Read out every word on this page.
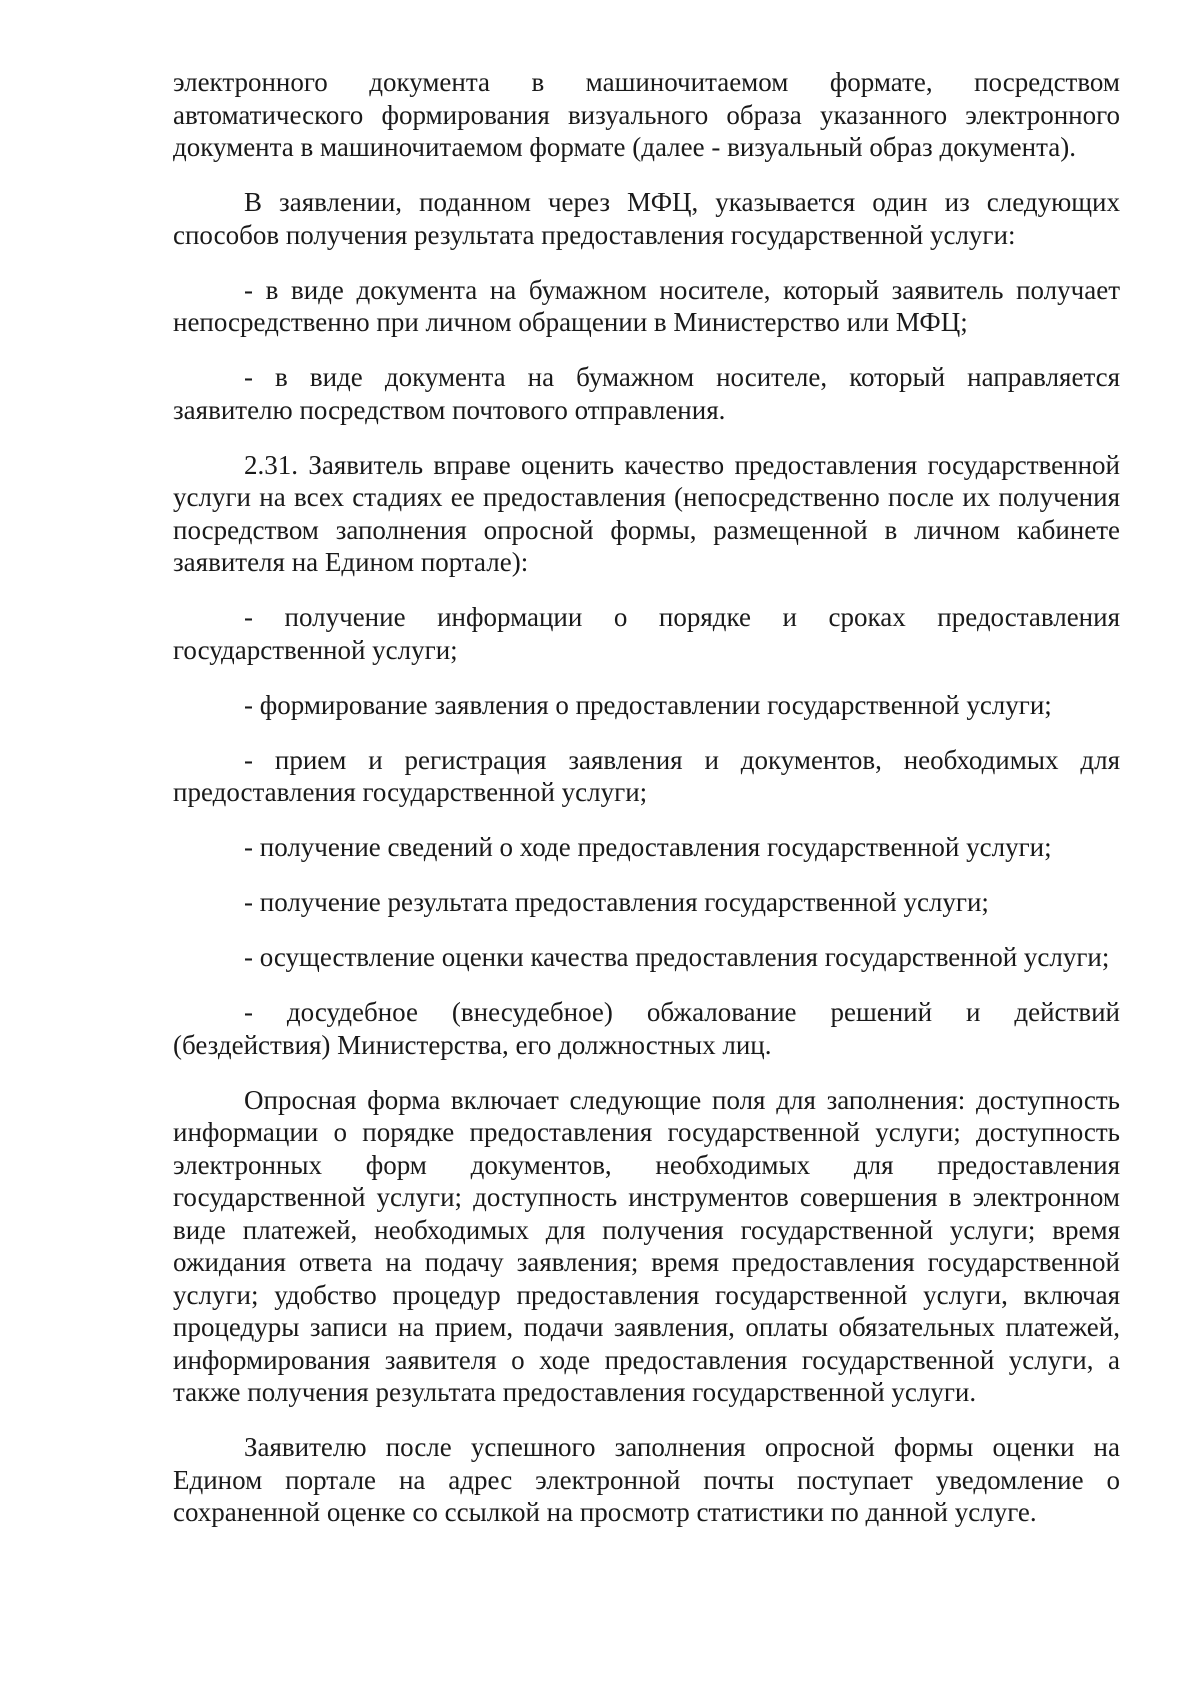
электронного документа в машиночитаемом формате, посредством автоматического формирования визуального образа указанного электронного документа в машиночитаемом формате (далее - визуальный образ документа).

В заявлении, поданном через МФЦ, указывается один из следующих способов получения результата предоставления государственной услуги:

- в виде документа на бумажном носителе, который заявитель получает непосредственно при личном обращении в Министерство или МФЦ;

- в виде документа на бумажном носителе, который направляется заявителю посредством почтового отправления.

2.31. Заявитель вправе оценить качество предоставления государственной услуги на всех стадиях ее предоставления (непосредственно после их получения посредством заполнения опросной формы, размещенной в личном кабинете заявителя на Едином портале):

- получение информации о порядке и сроках предоставления государственной услуги;

- формирование заявления о предоставлении государственной услуги;

- прием и регистрация заявления и документов, необходимых для предоставления государственной услуги;

- получение сведений о ходе предоставления государственной услуги;

- получение результата предоставления государственной услуги;

- осуществление оценки качества предоставления государственной услуги;

- досудебное (внесудебное) обжалование решений и действий (бездействия) Министерства, его должностных лиц.

Опросная форма включает следующие поля для заполнения: доступность информации о порядке предоставления государственной услуги; доступность электронных форм документов, необходимых для предоставления государственной услуги; доступность инструментов совершения в электронном виде платежей, необходимых для получения государственной услуги; время ожидания ответа на подачу заявления; время предоставления государственной услуги; удобство процедур предоставления государственной услуги, включая процедуры записи на прием, подачи заявления, оплаты обязательных платежей, информирования заявителя о ходе предоставления государственной услуги, а также получения результата предоставления государственной услуги.

Заявителю после успешного заполнения опросной формы оценки на Едином портале на адрес электронной почты поступает уведомление о сохраненной оценке со ссылкой на просмотр статистики по данной услуге.
